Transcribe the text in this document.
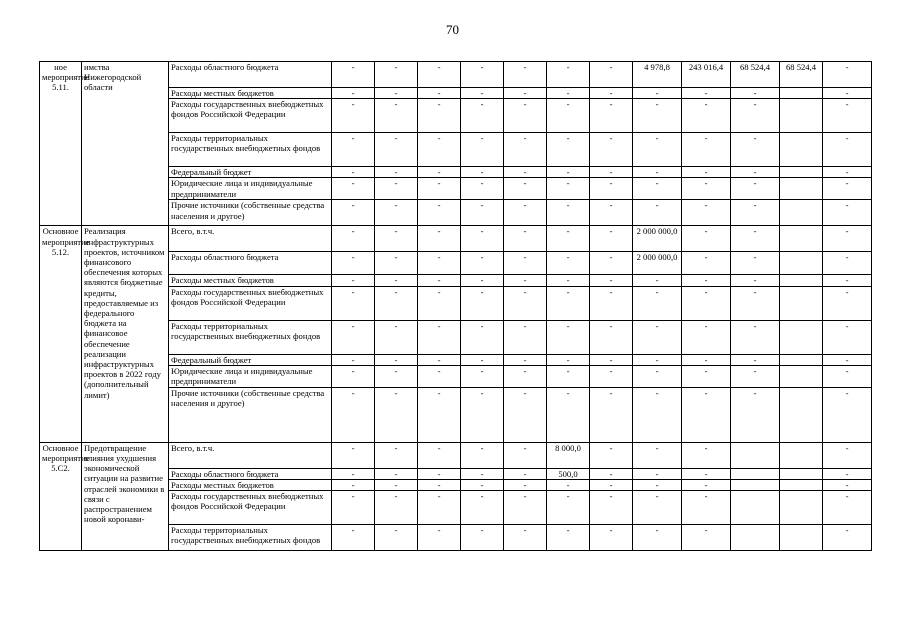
70
ное мероприятие 5.11.	имства Нижегородской области	Расходы областного бюджета	-	-	-	-	-	-	-	4 978,8	243 016,4	68 524,4	68 524,4	-
		Расходы местных бюджетов	-	-	-	-	-	-	-	-	-	-		-
		Расходы государственных внебюджетных фондов Российской Федерации	-	-	-	-	-	-	-	-	-	-		-
		Расходы территориальных государственных внебюджетных фондов	-	-	-	-	-	-	-	-	-	-		-
		Федеральный бюджет	-	-	-	-	-	-	-	-	-	-		-
		Юридические лица и индивидуальные предприниматели	-	-	-	-	-	-	-	-	-	-		-
		Прочие источники (собственные средства населения и другое)	-	-	-	-	-	-	-	-	-	-		-
Основное мероприятие 5.12.	Реализация инфраструктурных проектов, источником финансового обеспечения которых являются бюджетные кредиты, предоставляемые из федерального бюджета на финансовое обеспечение реализации инфраструктурных проектов в 2022 году (дополнительный лимит)	Всего, в.т.ч.	-	-	-	-	-	-	-	2 000 000,0	-	-		-
		Расходы областного бюджета	-	-	-	-	-	-	-	2 000 000,0	-	-		-
		Расходы местных бюджетов	-	-	-	-	-	-	-	-	-	-		-
		Расходы государственных внебюджетных фондов Российской Федерации	-	-	-	-	-	-	-	-	-	-		-
		Расходы территориальных государственных внебюджетных фондов	-	-	-	-	-	-	-	-	-	-		-
		Федеральный бюджет	-	-	-	-	-	-	-	-	-	-		-
		Юридические лица и индивидуальные предприниматели	-	-	-	-	-	-	-	-	-	-		-
		Прочие источники (собственные средства населения и другое)	-	-	-	-	-	-	-	-	-	-		-
Основное мероприятие 5.С2.	Предотвращение влияния ухудшения экономической ситуации на развитие отраслей экономики в связи с распространением новой коронави-	Всего, в.т.ч.	-	-	-	-	-	8 000,0	-	-	-			-
		Расходы областного бюджета	-	-	-	-	-	500,0	-	-	-			-
		Расходы местных бюджетов	-	-	-	-	-	-	-	-	-			-
		Расходы государственных внебюджетных фондов Российской Федерации	-	-	-	-	-	-	-	-	-			-
		Расходы территориальных государственных внебюджетных фондов	-	-	-	-	-	-	-	-	-			-
